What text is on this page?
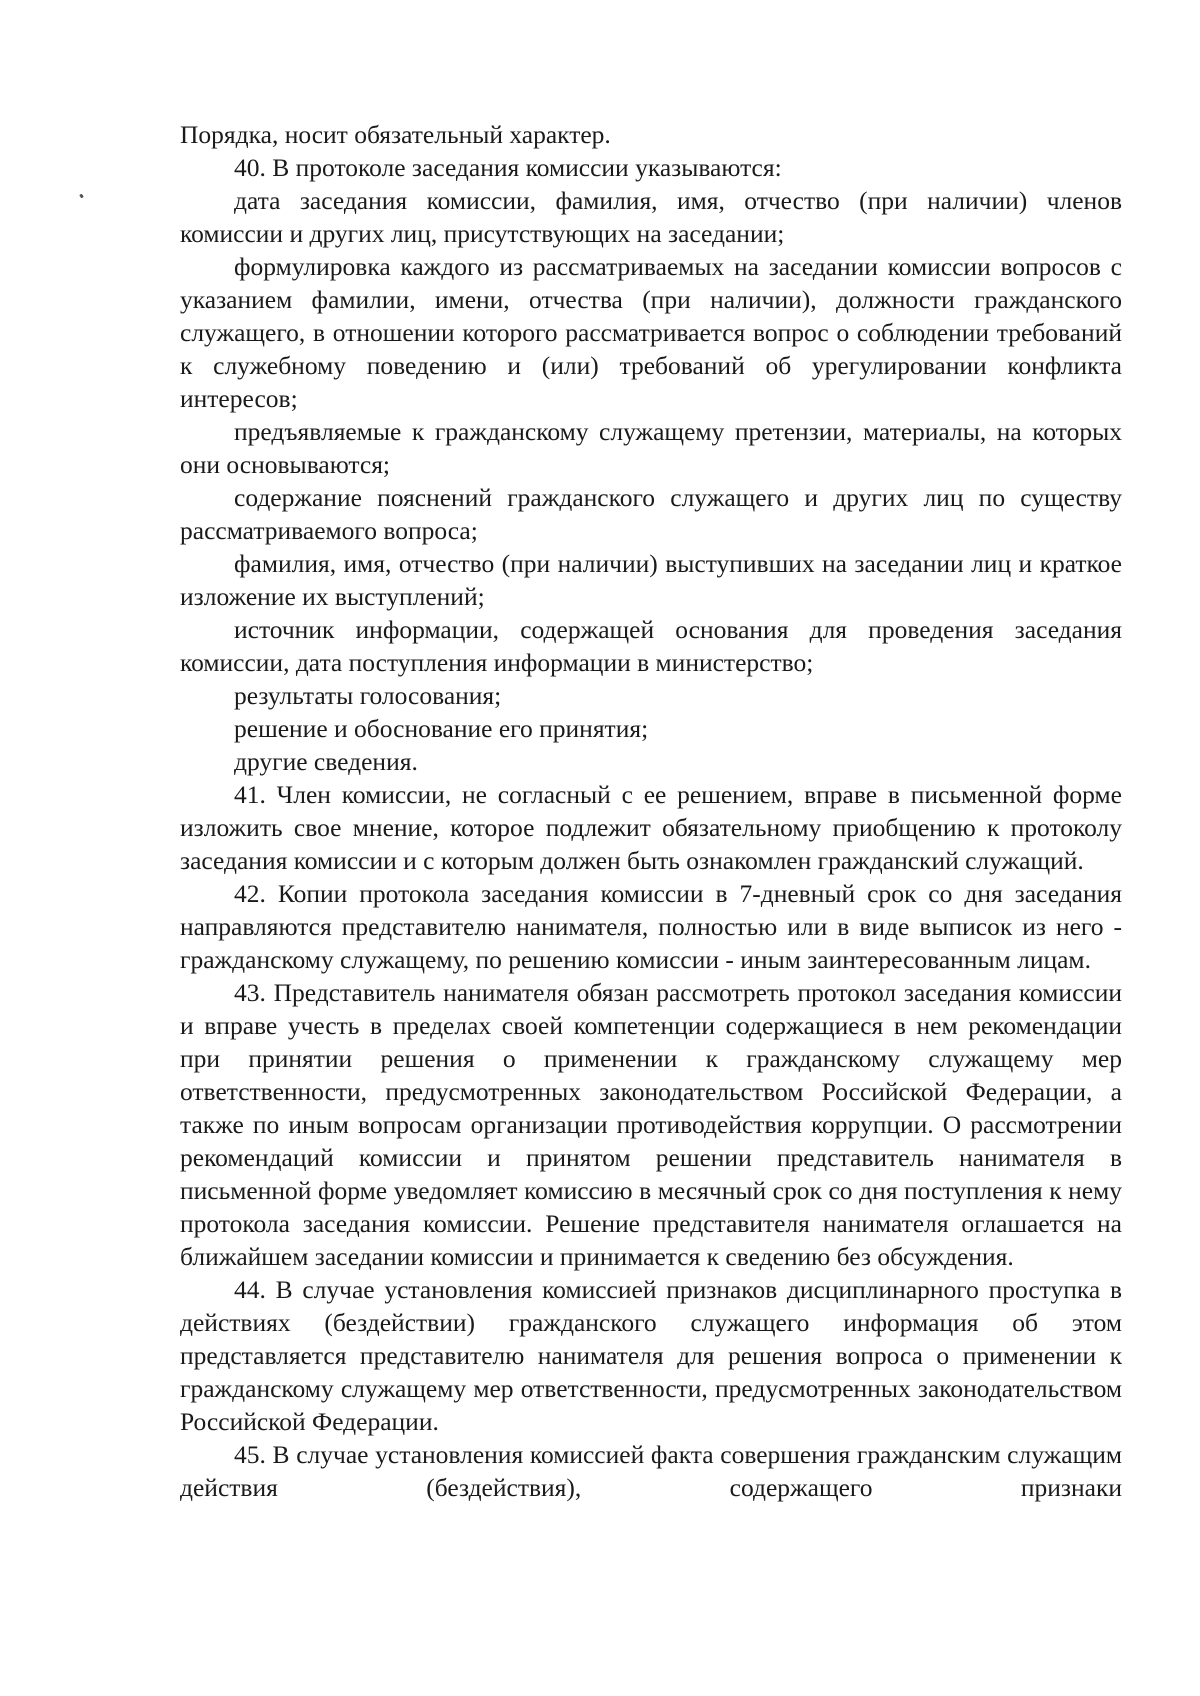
Порядка, носит обязательный характер.

40. В протоколе заседания комиссии указываются:

дата заседания комиссии, фамилия, имя, отчество (при наличии) членов комиссии и других лиц, присутствующих на заседании;

формулировка каждого из рассматриваемых на заседании комиссии вопросов с указанием фамилии, имени, отчества (при наличии), должности гражданского служащего, в отношении которого рассматривается вопрос о соблюдении требований к служебному поведению и (или) требований об урегулировании конфликта интересов;

предъявляемые к гражданскому служащему претензии, материалы, на которых они основываются;

содержание пояснений гражданского служащего и других лиц по существу рассматриваемого вопроса;

фамилия, имя, отчество (при наличии) выступивших на заседании лиц и краткое изложение их выступлений;

источник информации, содержащей основания для проведения заседания комиссии, дата поступления информации в министерство;

результаты голосования;

решение и обоснование его принятия;

другие сведения.

41. Член комиссии, не согласный с ее решением, вправе в письменной форме изложить свое мнение, которое подлежит обязательному приобщению к протоколу заседания комиссии и с которым должен быть ознакомлен гражданский служащий.

42. Копии протокола заседания комиссии в 7-дневный срок со дня заседания направляются представителю нанимателя, полностью или в виде выписок из него - гражданскому служащему, по решению комиссии - иным заинтересованным лицам.

43. Представитель нанимателя обязан рассмотреть протокол заседания комиссии и вправе учесть в пределах своей компетенции содержащиеся в нем рекомендации при принятии решения о применении к гражданскому служащему мер ответственности, предусмотренных законодательством Российской Федерации, а также по иным вопросам организации противодействия коррупции. О рассмотрении рекомендаций комиссии и принятом решении представитель нанимателя в письменной форме уведомляет комиссию в месячный срок со дня поступления к нему протокола заседания комиссии. Решение представителя нанимателя оглашается на ближайшем заседании комиссии и принимается к сведению без обсуждения.

44. В случае установления комиссией признаков дисциплинарного проступка в действиях (бездействии) гражданского служащего информация об этом представляется представителю нанимателя для решения вопроса о применении к гражданскому служащему мер ответственности, предусмотренных законодательством Российской Федерации.

45. В случае установления комиссией факта совершения гражданским служащим действия (бездействия), содержащего признаки
